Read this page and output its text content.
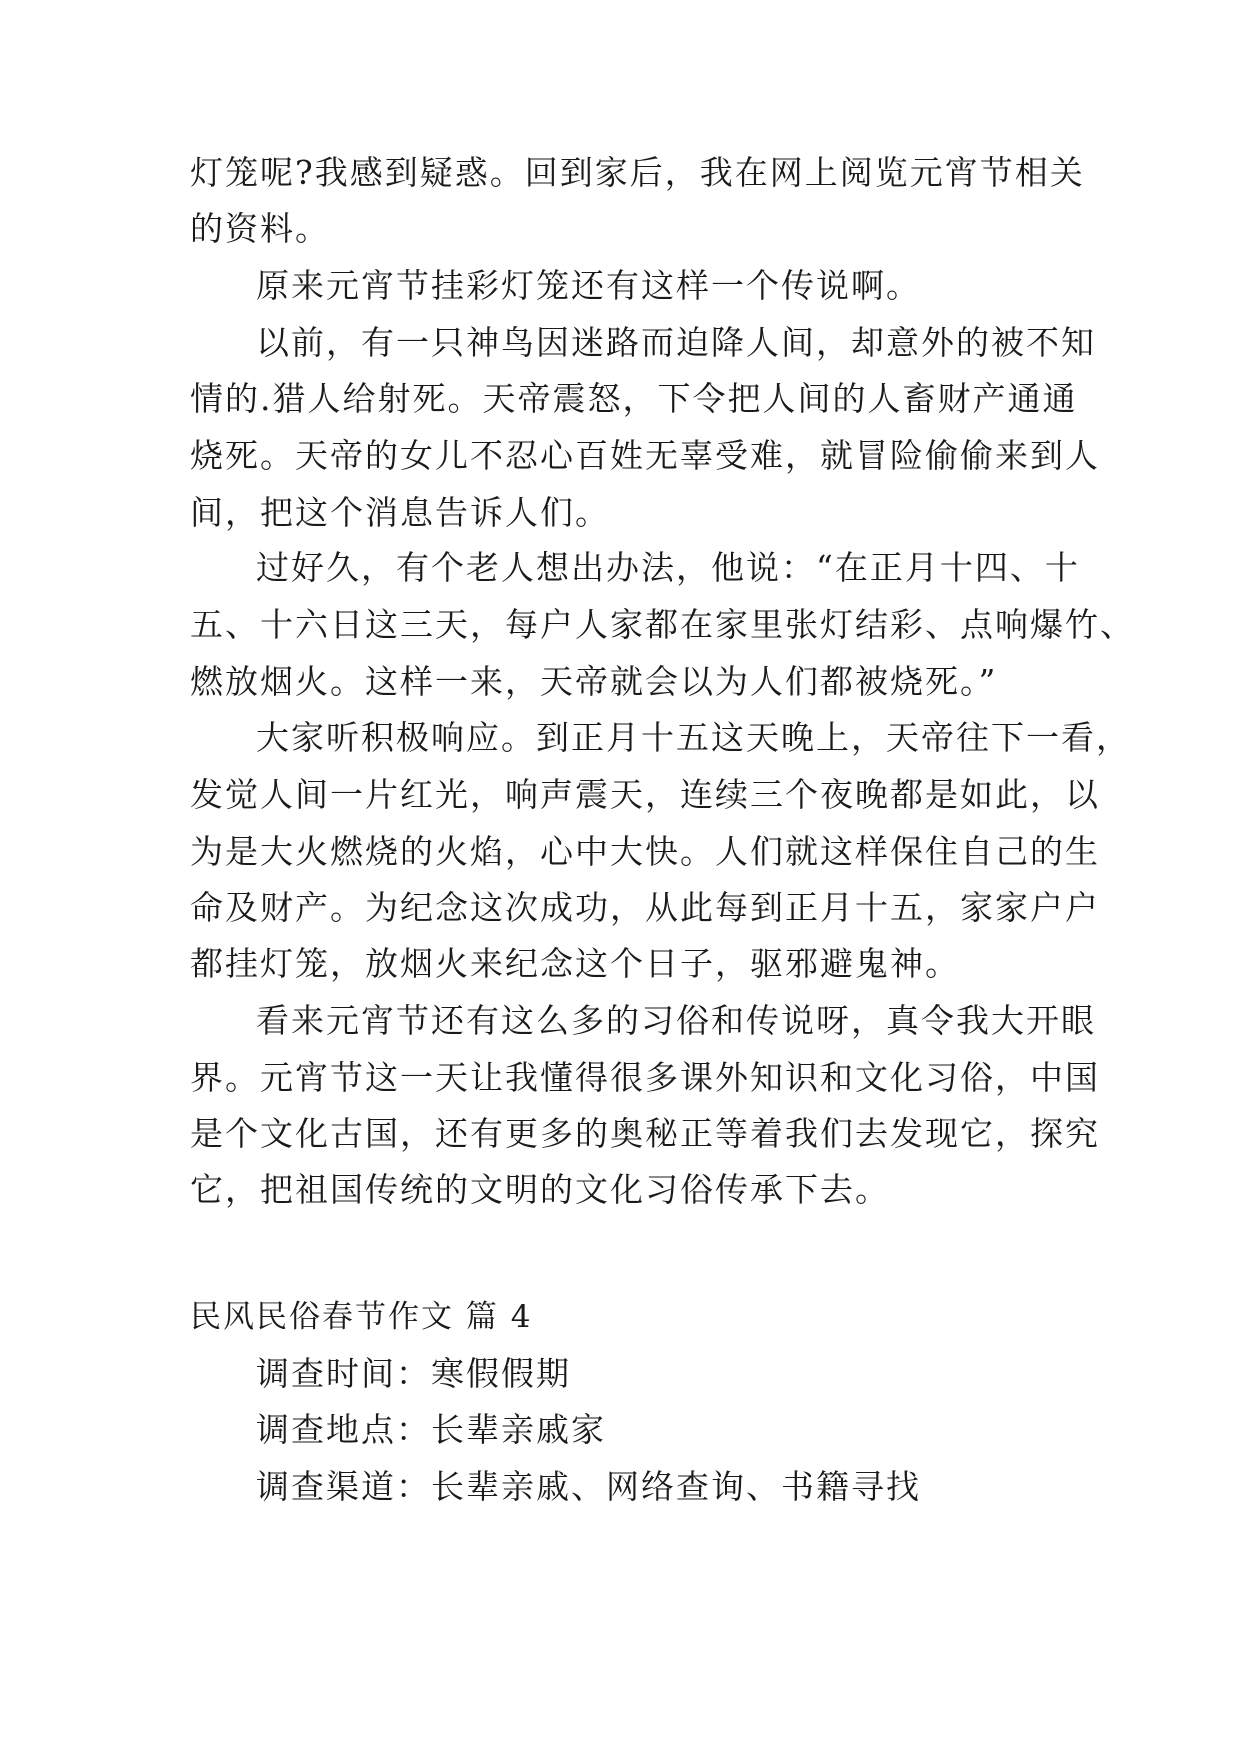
灯笼呢?我感到疑惑。回到家后，我在网上阅览元宵节相关
的资料。
原来元宵节挂彩灯笼还有这样一个传说啊。
以前，有一只神鸟因迷路而迫降人间，却意外的被不知
情的.猎人给射死。天帝震怒，下令把人间的人畜财产通通
烧死。天帝的女儿不忍心百姓无辜受难，就冒险偷偷来到人
间，把这个消息告诉人们。
过好久，有个老人想出办法，他说：“在正月十四、十
五、十六日这三天，每户人家都在家里张灯结彩、点响爆竹、
燃放烟火。这样一来，天帝就会以为人们都被烧死。”
大家听积极响应。到正月十五这天晚上，天帝往下一看，
发觉人间一片红光，响声震天，连续三个夜晚都是如此，以
为是大火燃烧的火焰，心中大快。人们就这样保住自己的生
命及财产。为纪念这次成功，从此每到正月十五，家家户户
都挂灯笼，放烟火来纪念这个日子，驱邪避鬼神。
看来元宵节还有这么多的习俗和传说呀，真令我大开眼
界。元宵节这一天让我懂得很多课外知识和文化习俗，中国
是个文化古国，还有更多的奥秘正等着我们去发现它，探究
它，把祖国传统的文明的文化习俗传承下去。
民风民俗春节作文 篇 4
调查时间：寒假假期
调查地点：长辈亲戚家
调查渠道：长辈亲戚、网络查询、书籍寻找
